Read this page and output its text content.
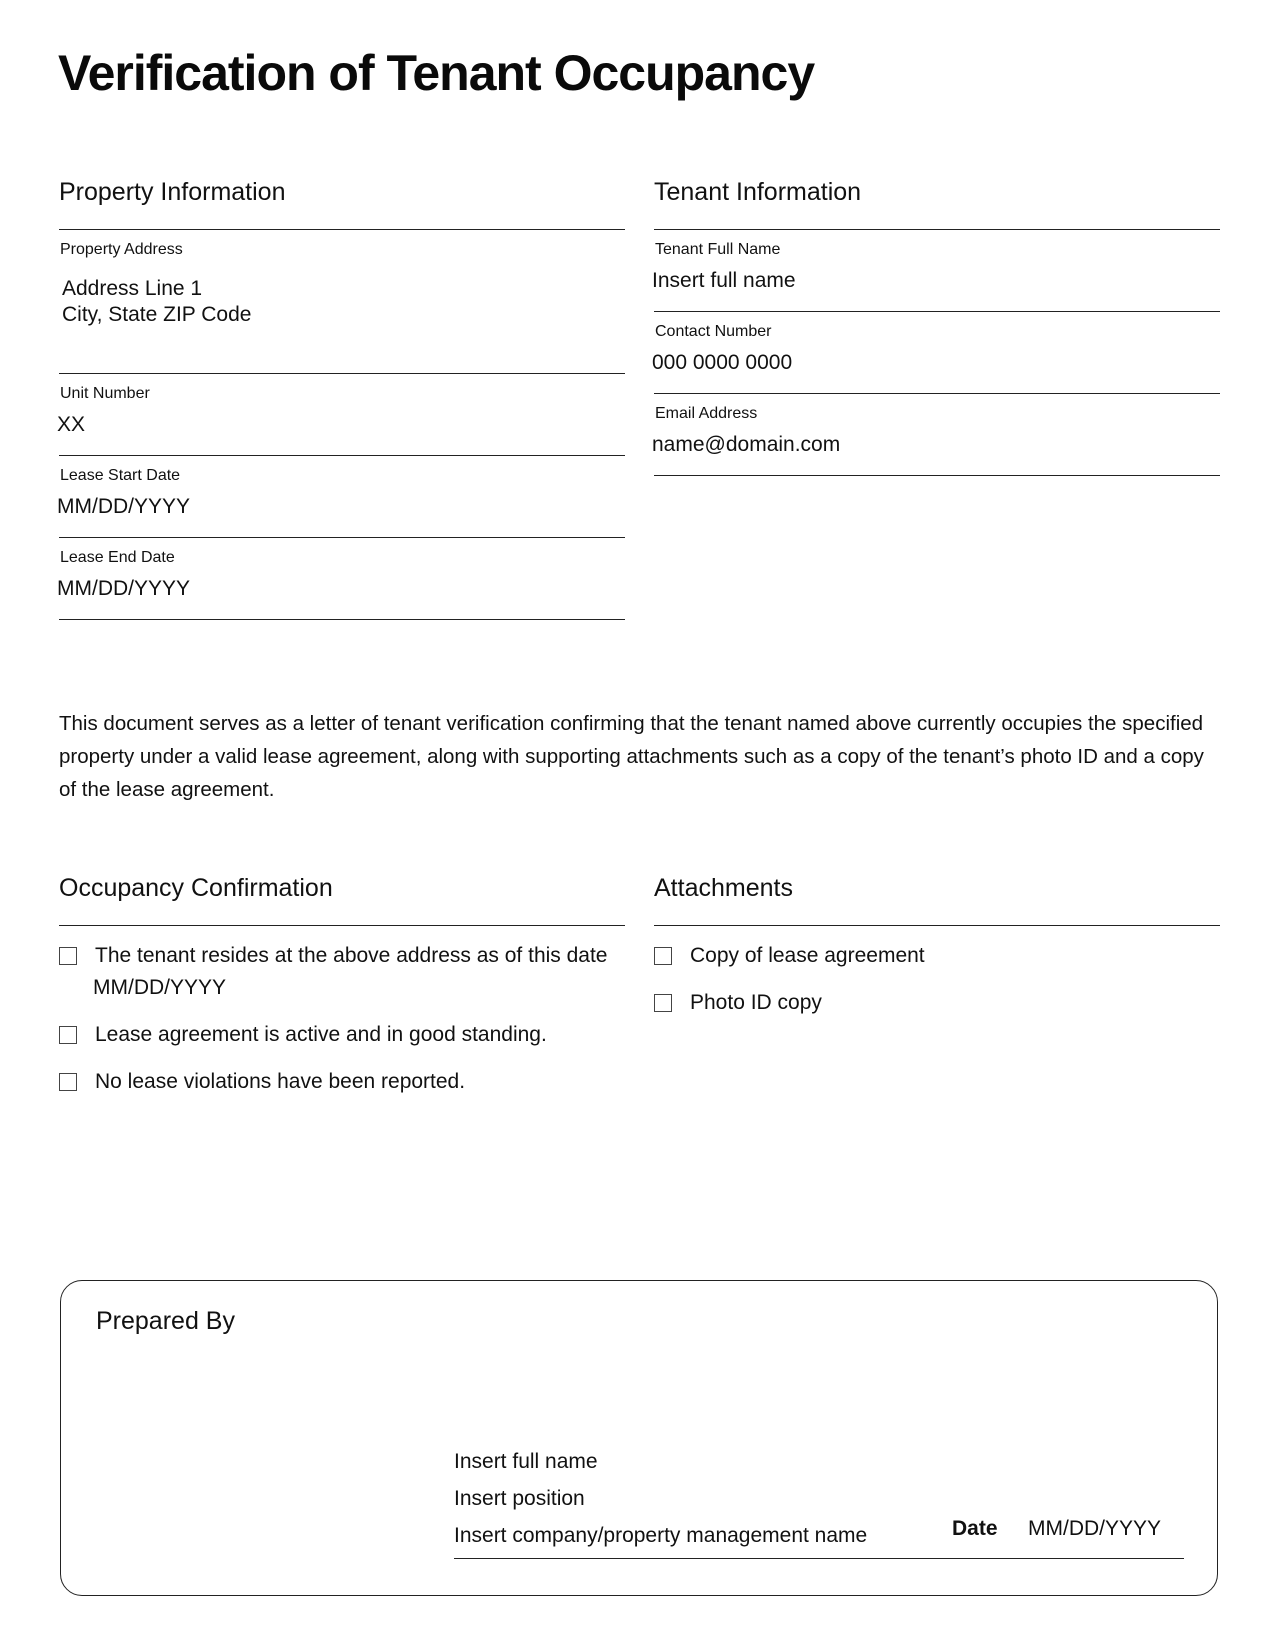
Verification of Tenant Occupancy
Property Information
Property Address
Address Line 1
City, State ZIP Code
Unit Number
XX
Lease Start Date
MM/DD/YYYY
Lease End Date
MM/DD/YYYY
Tenant Information
Tenant Full Name
Insert full name
Contact Number
000 0000 0000
Email Address
name@domain.com
This document serves as a letter of tenant verification confirming that the tenant named above currently occupies the specified property under a valid lease agreement, along with supporting attachments such as a copy of the tenant’s photo ID and a copy of the lease agreement.
Occupancy Confirmation
The tenant resides at the above address as of this date
MM/DD/YYYY
Lease agreement is active and in good standing.
No lease violations have been reported.
Attachments
Copy of lease agreement
Photo ID copy
Prepared By
Insert full name
Insert position
Insert company/property management name	Date MM/DD/YYYY
